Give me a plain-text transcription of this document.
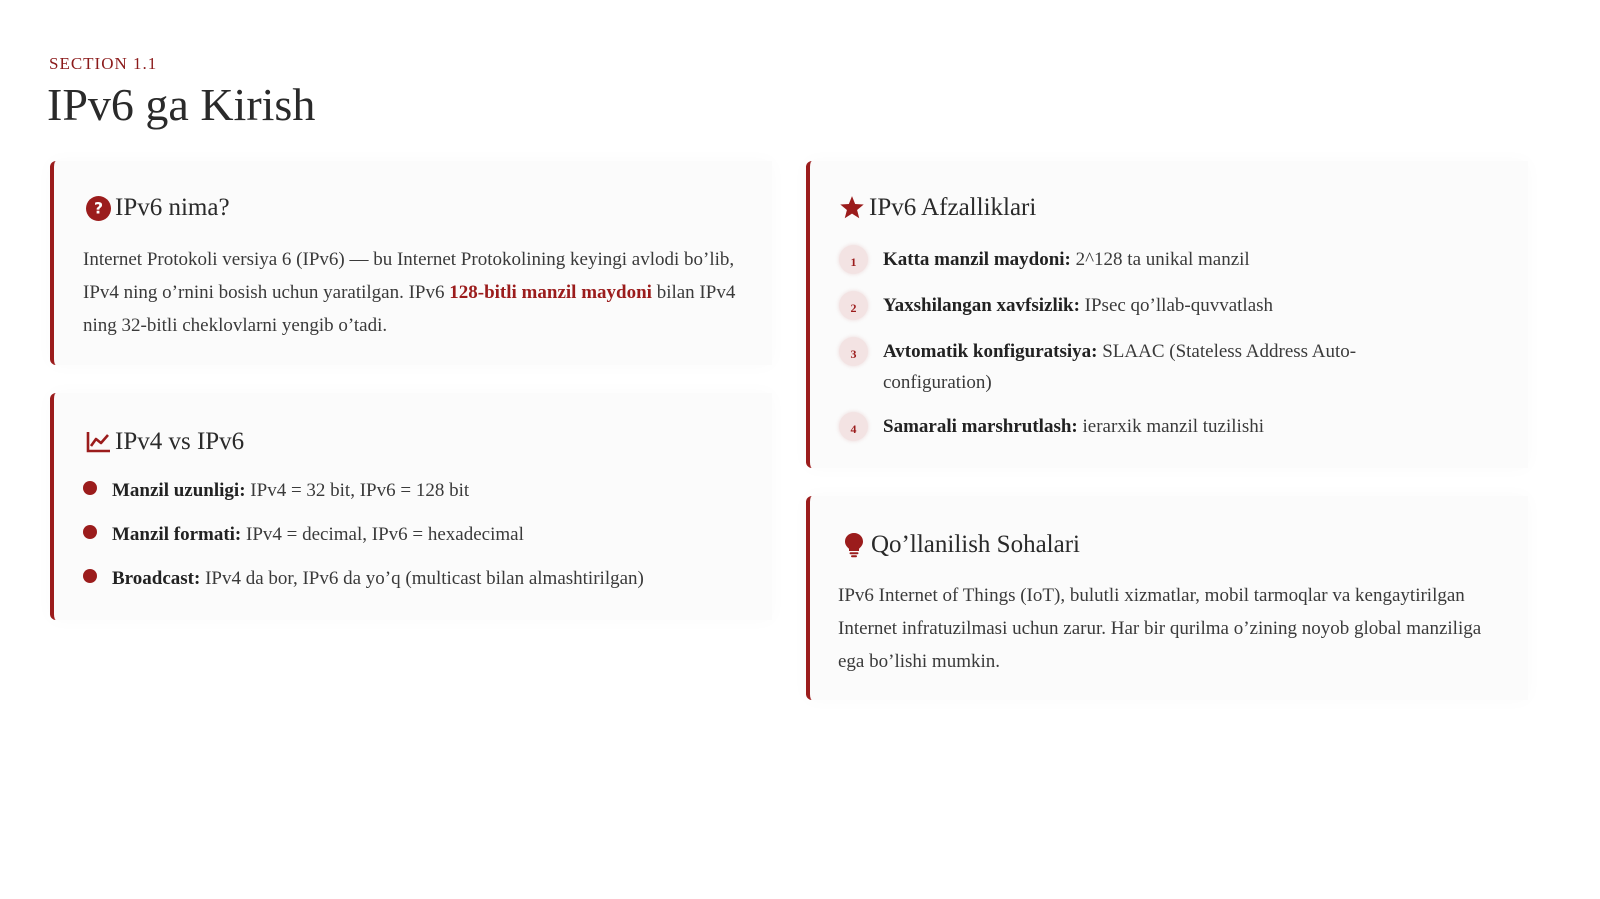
SECTION 1.1
IPv6 ga Kirish
? IPv6 nima?

Internet Protokoli versiya 6 (IPv6) — bu Internet Protokolining keyingi avlodi bo’lib, IPv4 ning o’rnini bosish uchun yaratilgan. IPv6 128-bitli manzil maydoni bilan IPv4 ning 32-bitli cheklovlarni yengib o’tadi.

IPv4 vs IPv6
Manzil uzunligi: IPv4 = 32 bit, IPv6 = 128 bit
Manzil formati: IPv4 = decimal, IPv6 = hexadecimal
Broadcast: IPv4 da bor, IPv6 da yo’q (multicast bilan almashtirilgan)
IPv6 Afzalliklari
1	Katta manzil maydoni: 2^128 ta unikal manzil
2	Yaxshilangan xavfsizlik: IPsec qo’llab-quvvatlash
3	Avtomatik konfiguratsiya: SLAAC (Stateless Address Auto-configuration)
4	Samarali marshrutlash: ierarxik manzil tuzilishi
Qo’llanilish Sohalari

IPv6 Internet of Things (IoT), bulutli xizmatlar, mobil tarmoqlar va kengaytirilgan Internet infratuzilmasi uchun zarur. Har bir qurilma o’zining noyob global manziliga ega bo’lishi mumkin.
